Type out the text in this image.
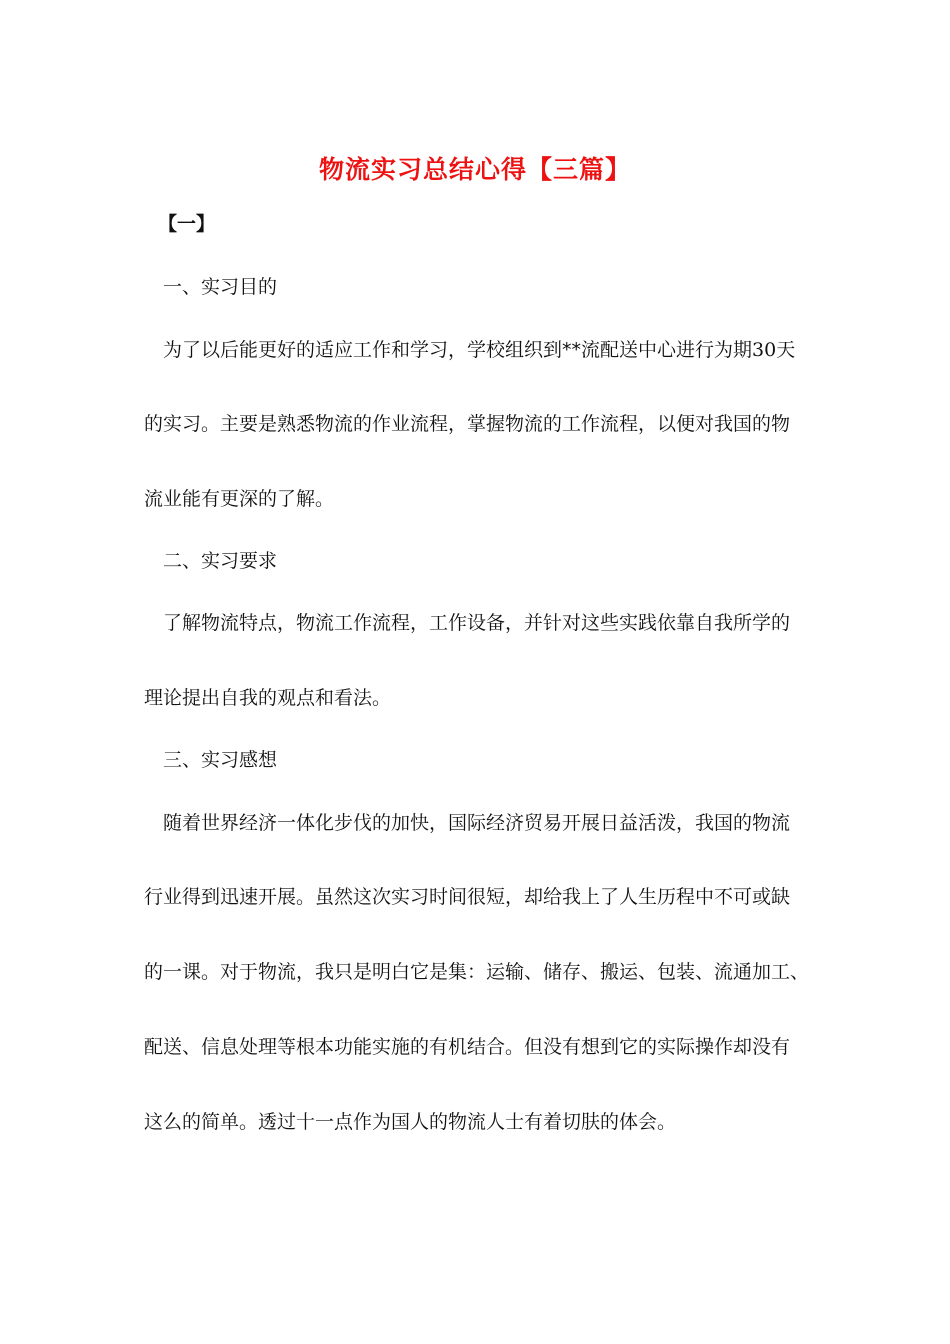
物流实习总结心得【三篇】
【一】
一、实习目的
为了以后能更好的适应工作和学习，学校组织到**流配送中心进行为期30天
的实习。主要是熟悉物流的作业流程，掌握物流的工作流程，以便对我国的物
流业能有更深的了解。
二、实习要求
了解物流特点，物流工作流程，工作设备，并针对这些实践依靠自我所学的
理论提出自我的观点和看法。
三、实习感想
随着世界经济一体化步伐的加快，国际经济贸易开展日益活泼，我国的物流
行业得到迅速开展。虽然这次实习时间很短，却给我上了人生历程中不可或缺
的一课。对于物流，我只是明白它是集：运输、储存、搬运、包装、流通加工、
配送、信息处理等根本功能实施的有机结合。但没有想到它的实际操作却没有
这么的简单。透过十一点作为国人的物流人士有着切肤的体会。
